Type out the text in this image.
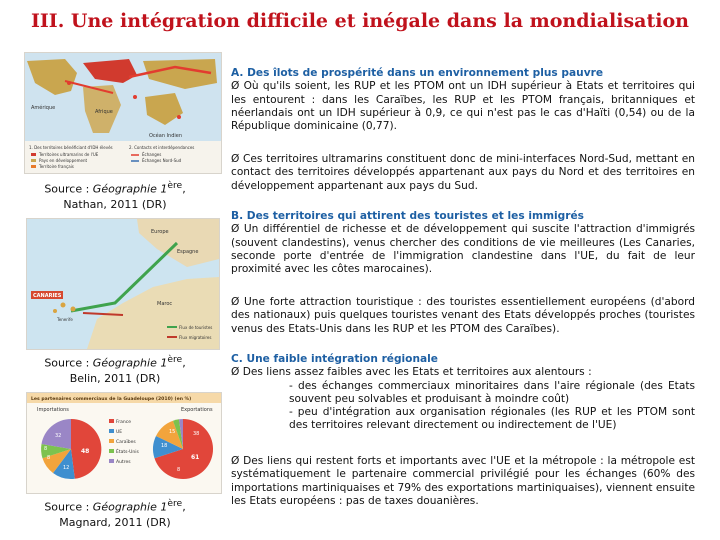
III. Une intégration difficile et inégale dans la mondialisation
Afrique
Amérique
Océan Indien
1. Des territoires bénéficiant d'IDH élevés
Territoires ultramarins de l'UE
Pays en développement
Territoire français
2. Contacts et interdépendances
Échanges
Échanges Nord-Sud
Source : Géographie 1ère,
Nathan, 2011 (DR)
Europe
Espagne
Maroc
CANARIES
Tenerife
Flux de touristes
Flux migratoires
Source : Géographie 1ère,
Belin, 2011 (DR)
Les partenaires commerciaux de la Guadeloupe (2010) (en %)
Importations	Exportations
48
12
8
8
32
France
UE
Caraïbes
États-Unis
Autres
61
18
15	38
8
Source : Géographie 1ère,
Magnard, 2011 (DR)

A. Des îlots de prospérité dans un environnement plus pauvre

Ø Où qu'ils soient, les RUP et les PTOM ont un IDH supérieur à Etats et territoires qui les entourent : dans les Caraïbes, les RUP et les PTOM français, britanniques et néerlandais ont un IDH supérieur à 0,9, ce qui n'est pas le cas d'Haïti (0,54) ou de la République dominicaine (0,77).

Ø Ces territoires ultramarins constituent donc de mini-interfaces Nord-Sud, mettant en contact des territoires développés appartenant aux pays du Nord et des territoires en développement appartenant aux pays du Sud.

B. Des territoires qui attirent des touristes et les immigrés

Ø Un différentiel de richesse et de développement qui suscite l'attraction d'immigrés (souvent clandestins), venus chercher des conditions de vie meilleures (Les Canaries, seconde porte d'entrée de l'immigration clandestine dans l'UE, du fait de leur proximité avec les côtes marocaines).

Ø Une forte attraction touristique : des touristes essentiellement européens (d'abord des nationaux) puis quelques touristes venant des Etats développés proches (touristes venus des Etats-Unis dans les RUP et les PTOM des Caraïbes).

C. Une faible intégration régionale

Ø Des liens assez faibles avec les Etats et territoires aux alentours :

- des échanges commerciaux minoritaires dans l'aire régionale (des Etats souvent peu solvables et produisant à moindre coût)

- peu d'intégration aux organisation régionales (les RUP et les PTOM sont des territoires relevant directement ou indirectement de l'UE)

Ø Des liens qui restent forts et importants avec l'UE et la métropole : la métropole est systématiquement le partenaire commercial privilégié pour les échanges (60% des importations martiniquaises et 79% des exportations martiniquaises), viennent ensuite les Etats européens : pas de taxes douanières.
